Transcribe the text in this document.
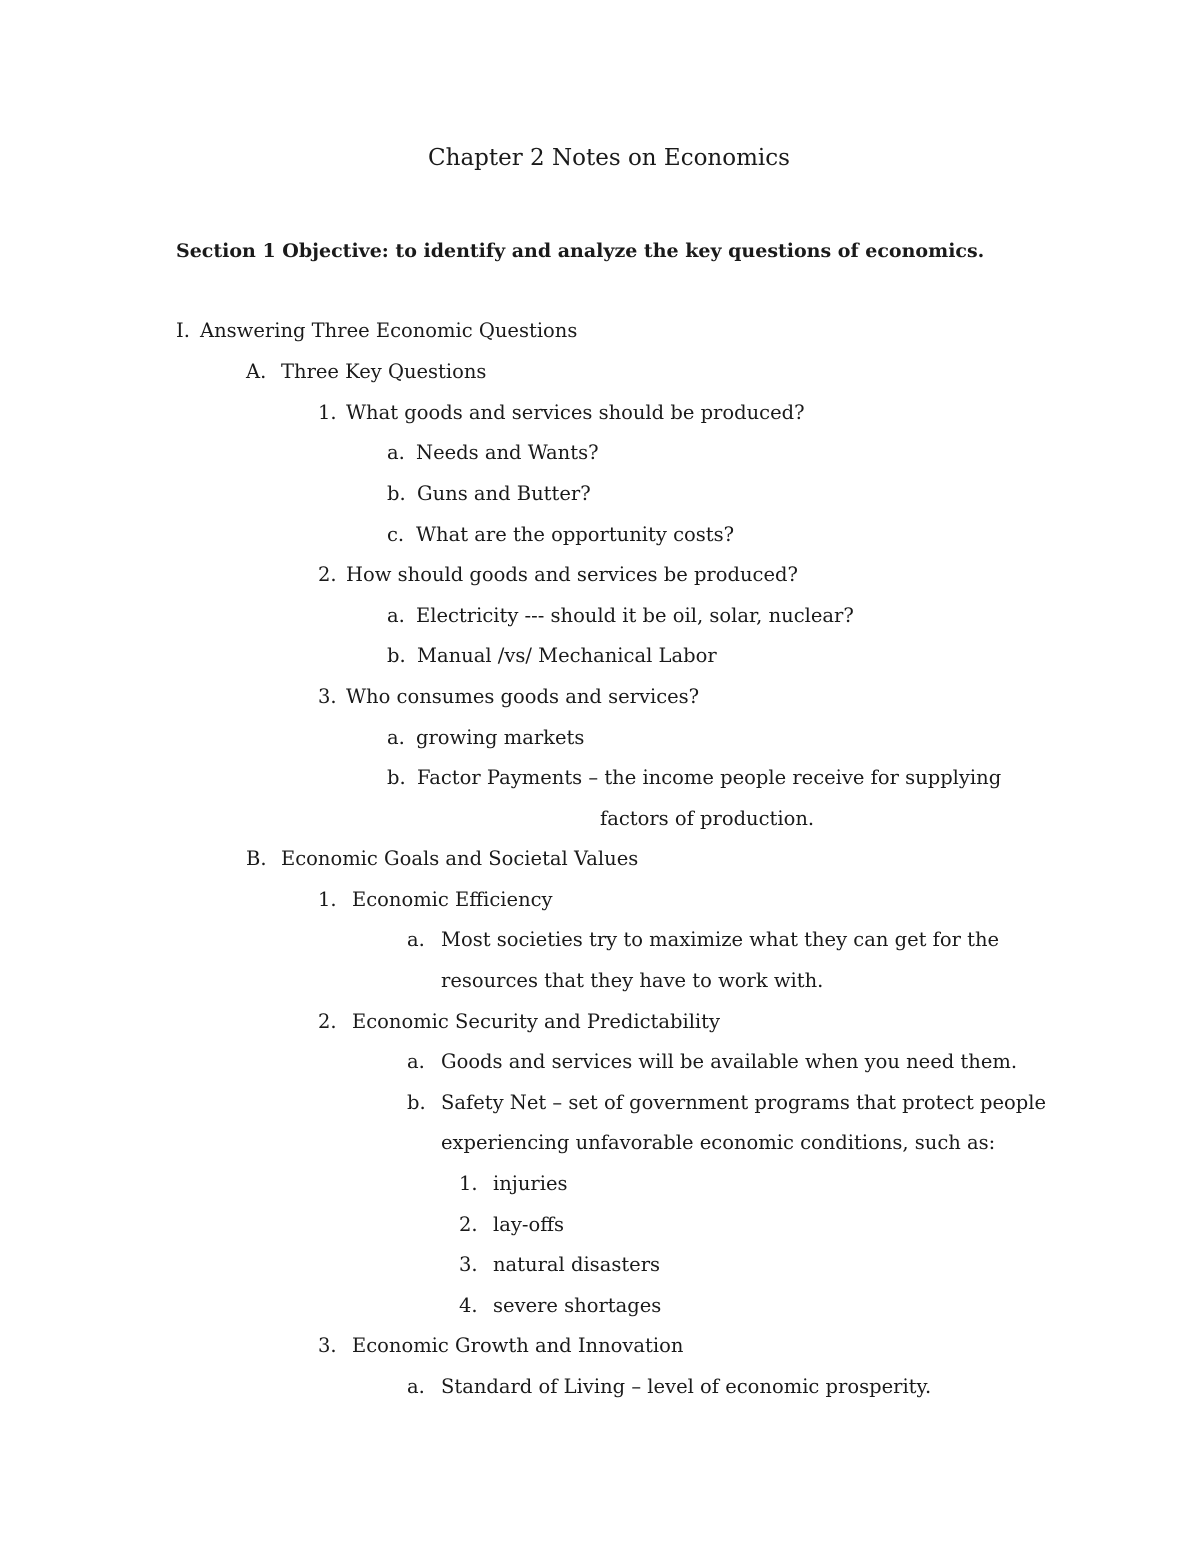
Chapter 2 Notes on Economics
Section 1 Objective: to identify and analyze the key questions of economics.
I. Answering Three Economic Questions
A. Three Key Questions
1. What goods and services should be produced?
a. Needs and Wants?
b. Guns and Butter?
c. What are the opportunity costs?
2. How should goods and services be produced?
a. Electricity --- should it be oil, solar, nuclear?
b. Manual /vs/ Mechanical Labor
3. Who consumes goods and services?
a. growing markets
b. Factor Payments – the income people receive for supplying
factors of production.
B. Economic Goals and Societal Values
1. Economic Efficiency
a. Most societies try to maximize what they can get for the
resources that they have to work with.
2. Economic Security and Predictability
a. Goods and services will be available when you need them.
b. Safety Net – set of government programs that protect people
experiencing unfavorable economic conditions, such as:
1. injuries
2. lay-offs
3. natural disasters
4. severe shortages
3. Economic Growth and Innovation
a. Standard of Living – level of economic prosperity.
